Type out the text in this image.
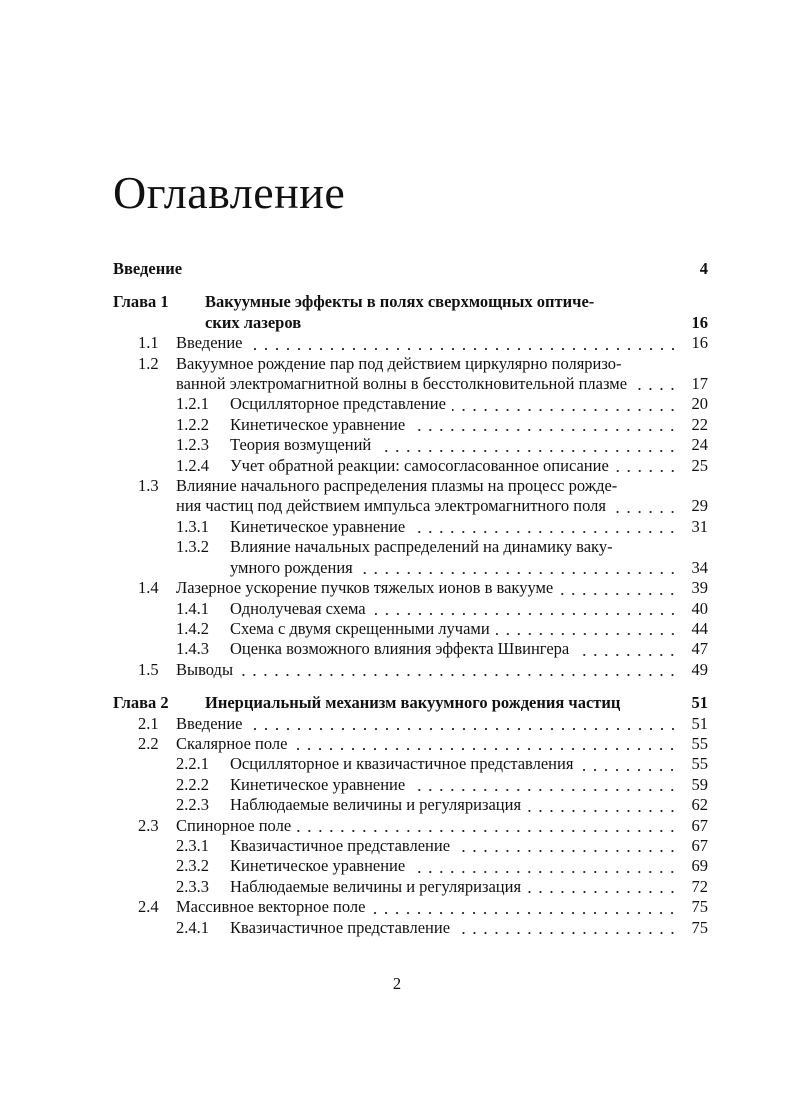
Оглавление
Введение	4
Глава 1	Вакуумные эффекты в полях сверхмощных оптиче-
ских лазеров	16
1.1	Введение	16
1.2	Вакуумное рождение пар под действием циркулярно поляризо-
ванной электромагнитной волны в бесстолкновительной плазме	17
1.2.1	Осцилляторное представление	20
1.2.2	Кинетическое уравнение	22
1.2.3	Теория возмущений	24
1.2.4	Учет обратной реакции: самосогласованное описание	25
1.3	Влияние начального распределения плазмы на процесс рожде-
ния частиц под действием импульса электромагнитного поля	29
1.3.1	Кинетическое уравнение	31
1.3.2	Влияние начальных распределений на динамику ваку-
умного рождения	34
1.4	Лазерное ускорение пучков тяжелых ионов в вакууме	39
1.4.1	Однолучевая схема	40
1.4.2	Схема с двумя скрещенными лучами	44
1.4.3	Оценка возможного влияния эффекта Швингера	47
1.5	Выводы	49
Глава 2	Инерциальный механизм вакуумного рождения частиц	51
2.1	Введение	51
2.2	Скалярное поле	55
2.2.1	Осцилляторное и квазичастичное представления	55
2.2.2	Кинетическое уравнение	59
2.2.3	Наблюдаемые величины и регуляризация	62
2.3	Спинорное поле	67
2.3.1	Квазичастичное представление	67
2.3.2	Кинетическое уравнение	69
2.3.3	Наблюдаемые величины и регуляризация	72
2.4	Массивное векторное поле	75
2.4.1	Квазичастичное представление	75
2
